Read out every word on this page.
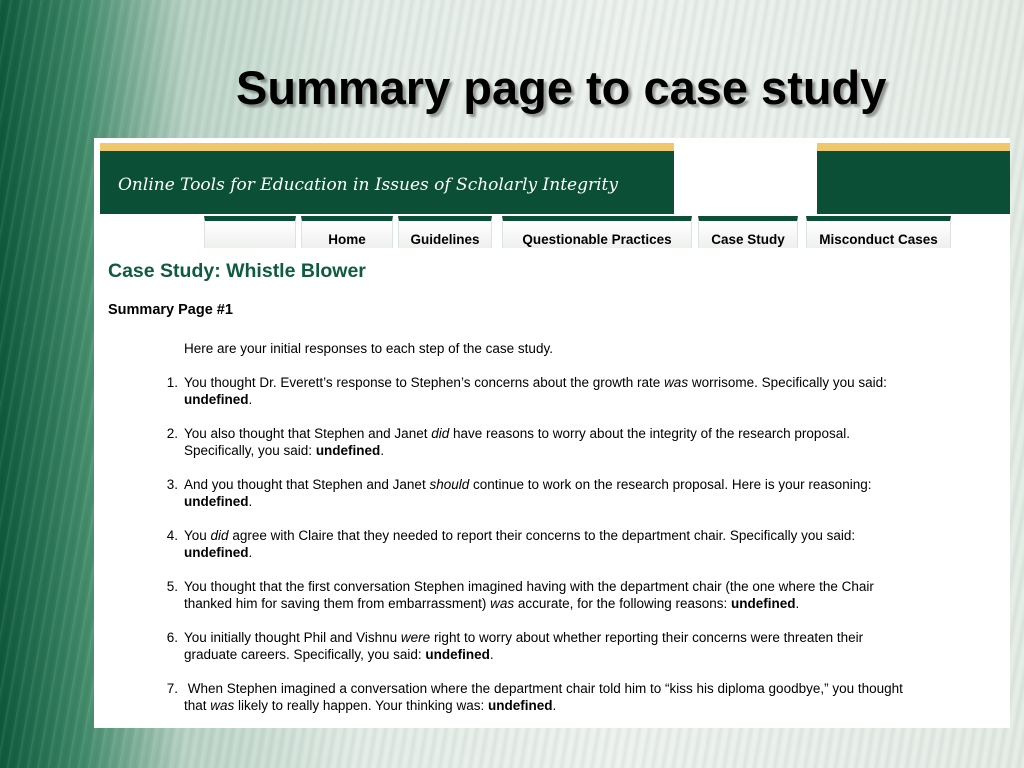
Summary page to case study
Online Tools for Education in Issues of Scholarly Integrity
Home	Guidelines	Questionable Practices	Case Study	Misconduct Cases
Case Study: Whistle Blower
Summary Page #1

Here are your initial responses to each step of the case study.

1. You thought Dr. Everett’s response to Stephen’s concerns about the growth rate was worrisome. Specifically you said:
undefined.
2. You also thought that Stephen and Janet did have reasons to worry about the integrity of the research proposal.
Specifically, you said: undefined.
3. And you thought that Stephen and Janet should continue to work on the research proposal. Here is your reasoning:
undefined.
4. You did agree with Claire that they needed to report their concerns to the department chair. Specifically you said:
undefined.
5. You thought that the first conversation Stephen imagined having with the department chair (the one where the Chair
thanked him for saving them from embarrassment) was accurate, for the following reasons: undefined.
6. You initially thought Phil and Vishnu were right to worry about whether reporting their concerns were threaten their
graduate careers. Specifically, you said: undefined.
7. When Stephen imagined a conversation where the department chair told him to “kiss his diploma goodbye,” you thought
that was likely to really happen. Your thinking was: undefined.
